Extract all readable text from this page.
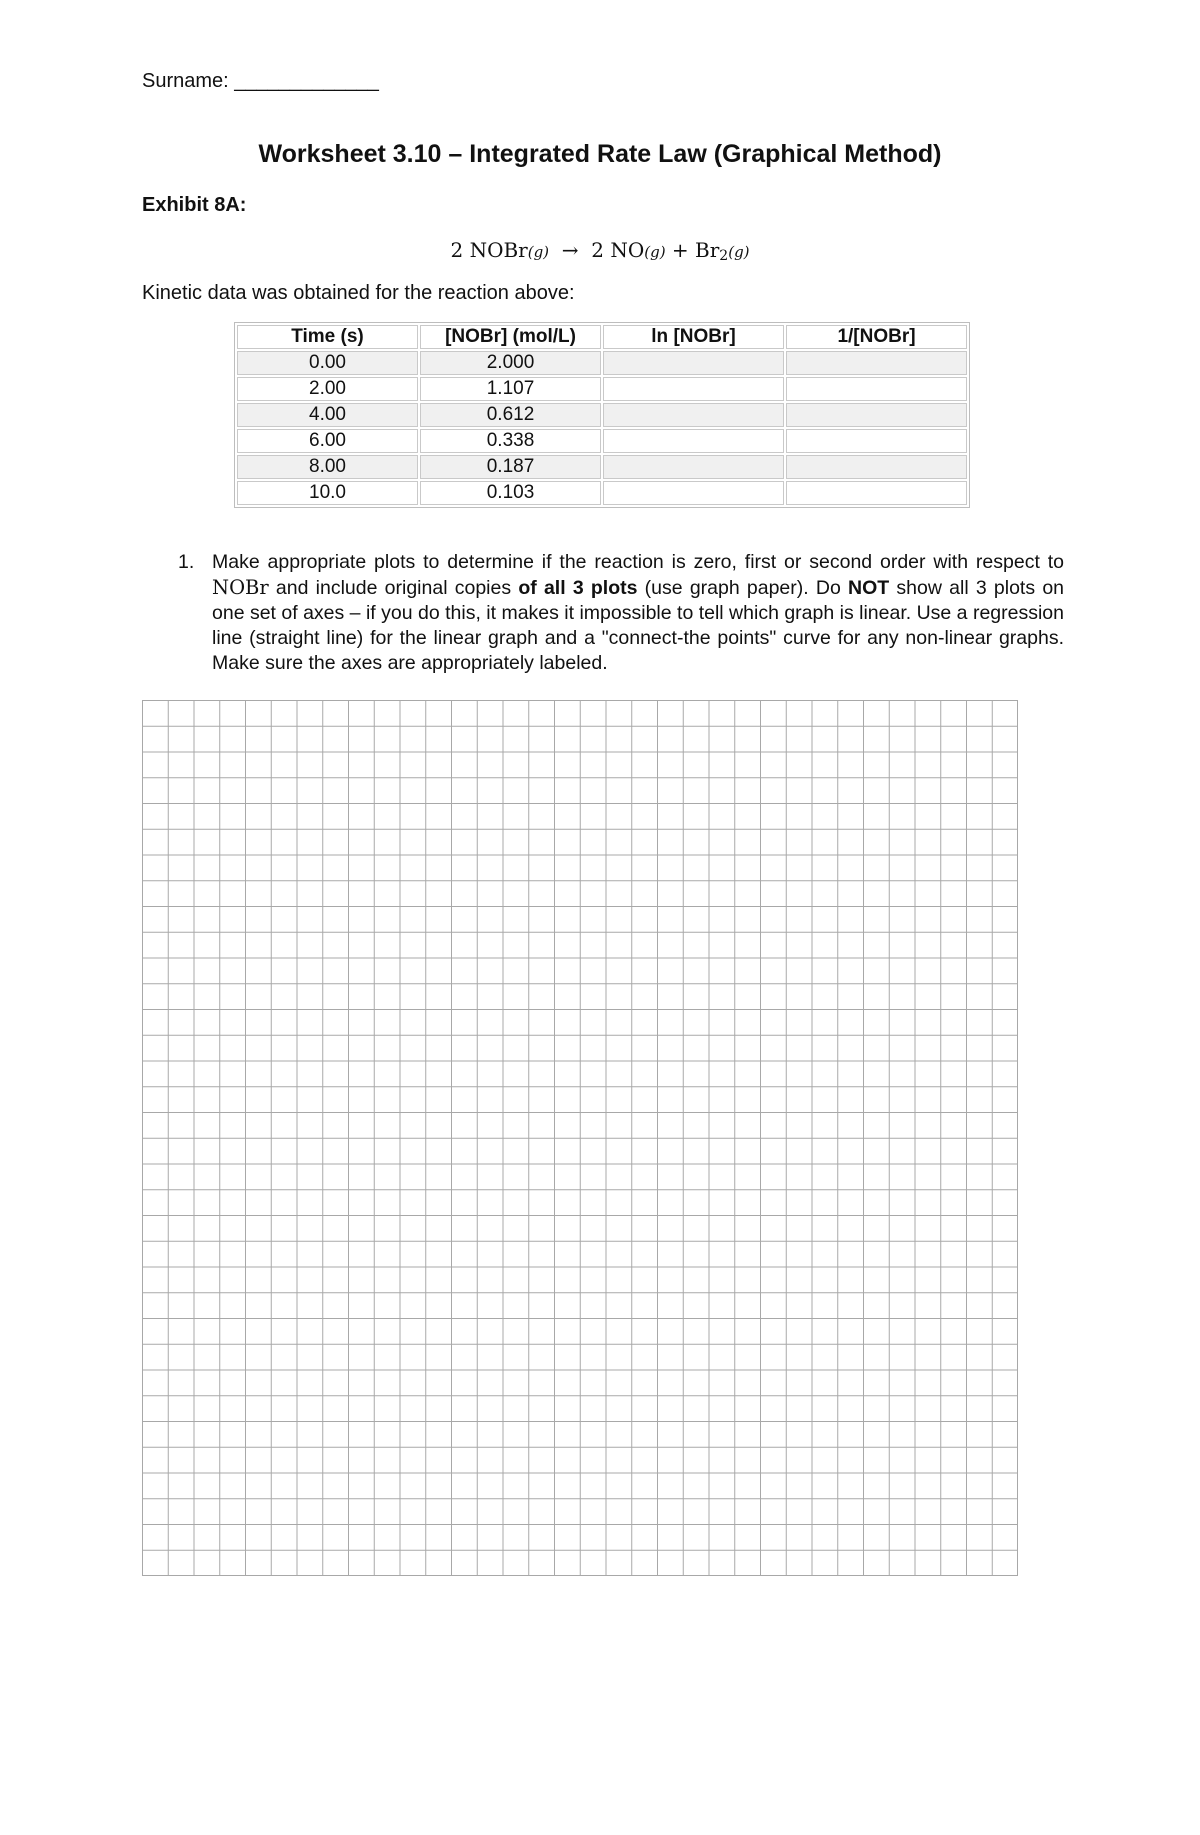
Surname: _____________
Worksheet 3.10 – Integrated Rate Law (Graphical Method)
Exhibit 8A:
2 NOBr(g) → 2 $NO(g) + Br_2(g)$
Kinetic data was obtained for the reaction above:
Time (s)	[NOBr] (mol/L)	ln [NOBr]	1/[NOBr]
0.00	2.000		
2.00	1.107		
4.00	0.612		
6.00	0.338		
8.00	0.187		
10.0	0.103		
1. Make appropriate plots to determine if the reaction is zero, first or second order with respect to NOBr and include original copies of all 3 plots (use graph paper). Do NOT show all 3 plots on one set of axes – if you do this, it makes it impossible to tell which graph is linear. Use a regression line (straight line) for the linear graph and a "connect-the points" curve for any non-linear graphs. Make sure the axes are appropriately labeled.
